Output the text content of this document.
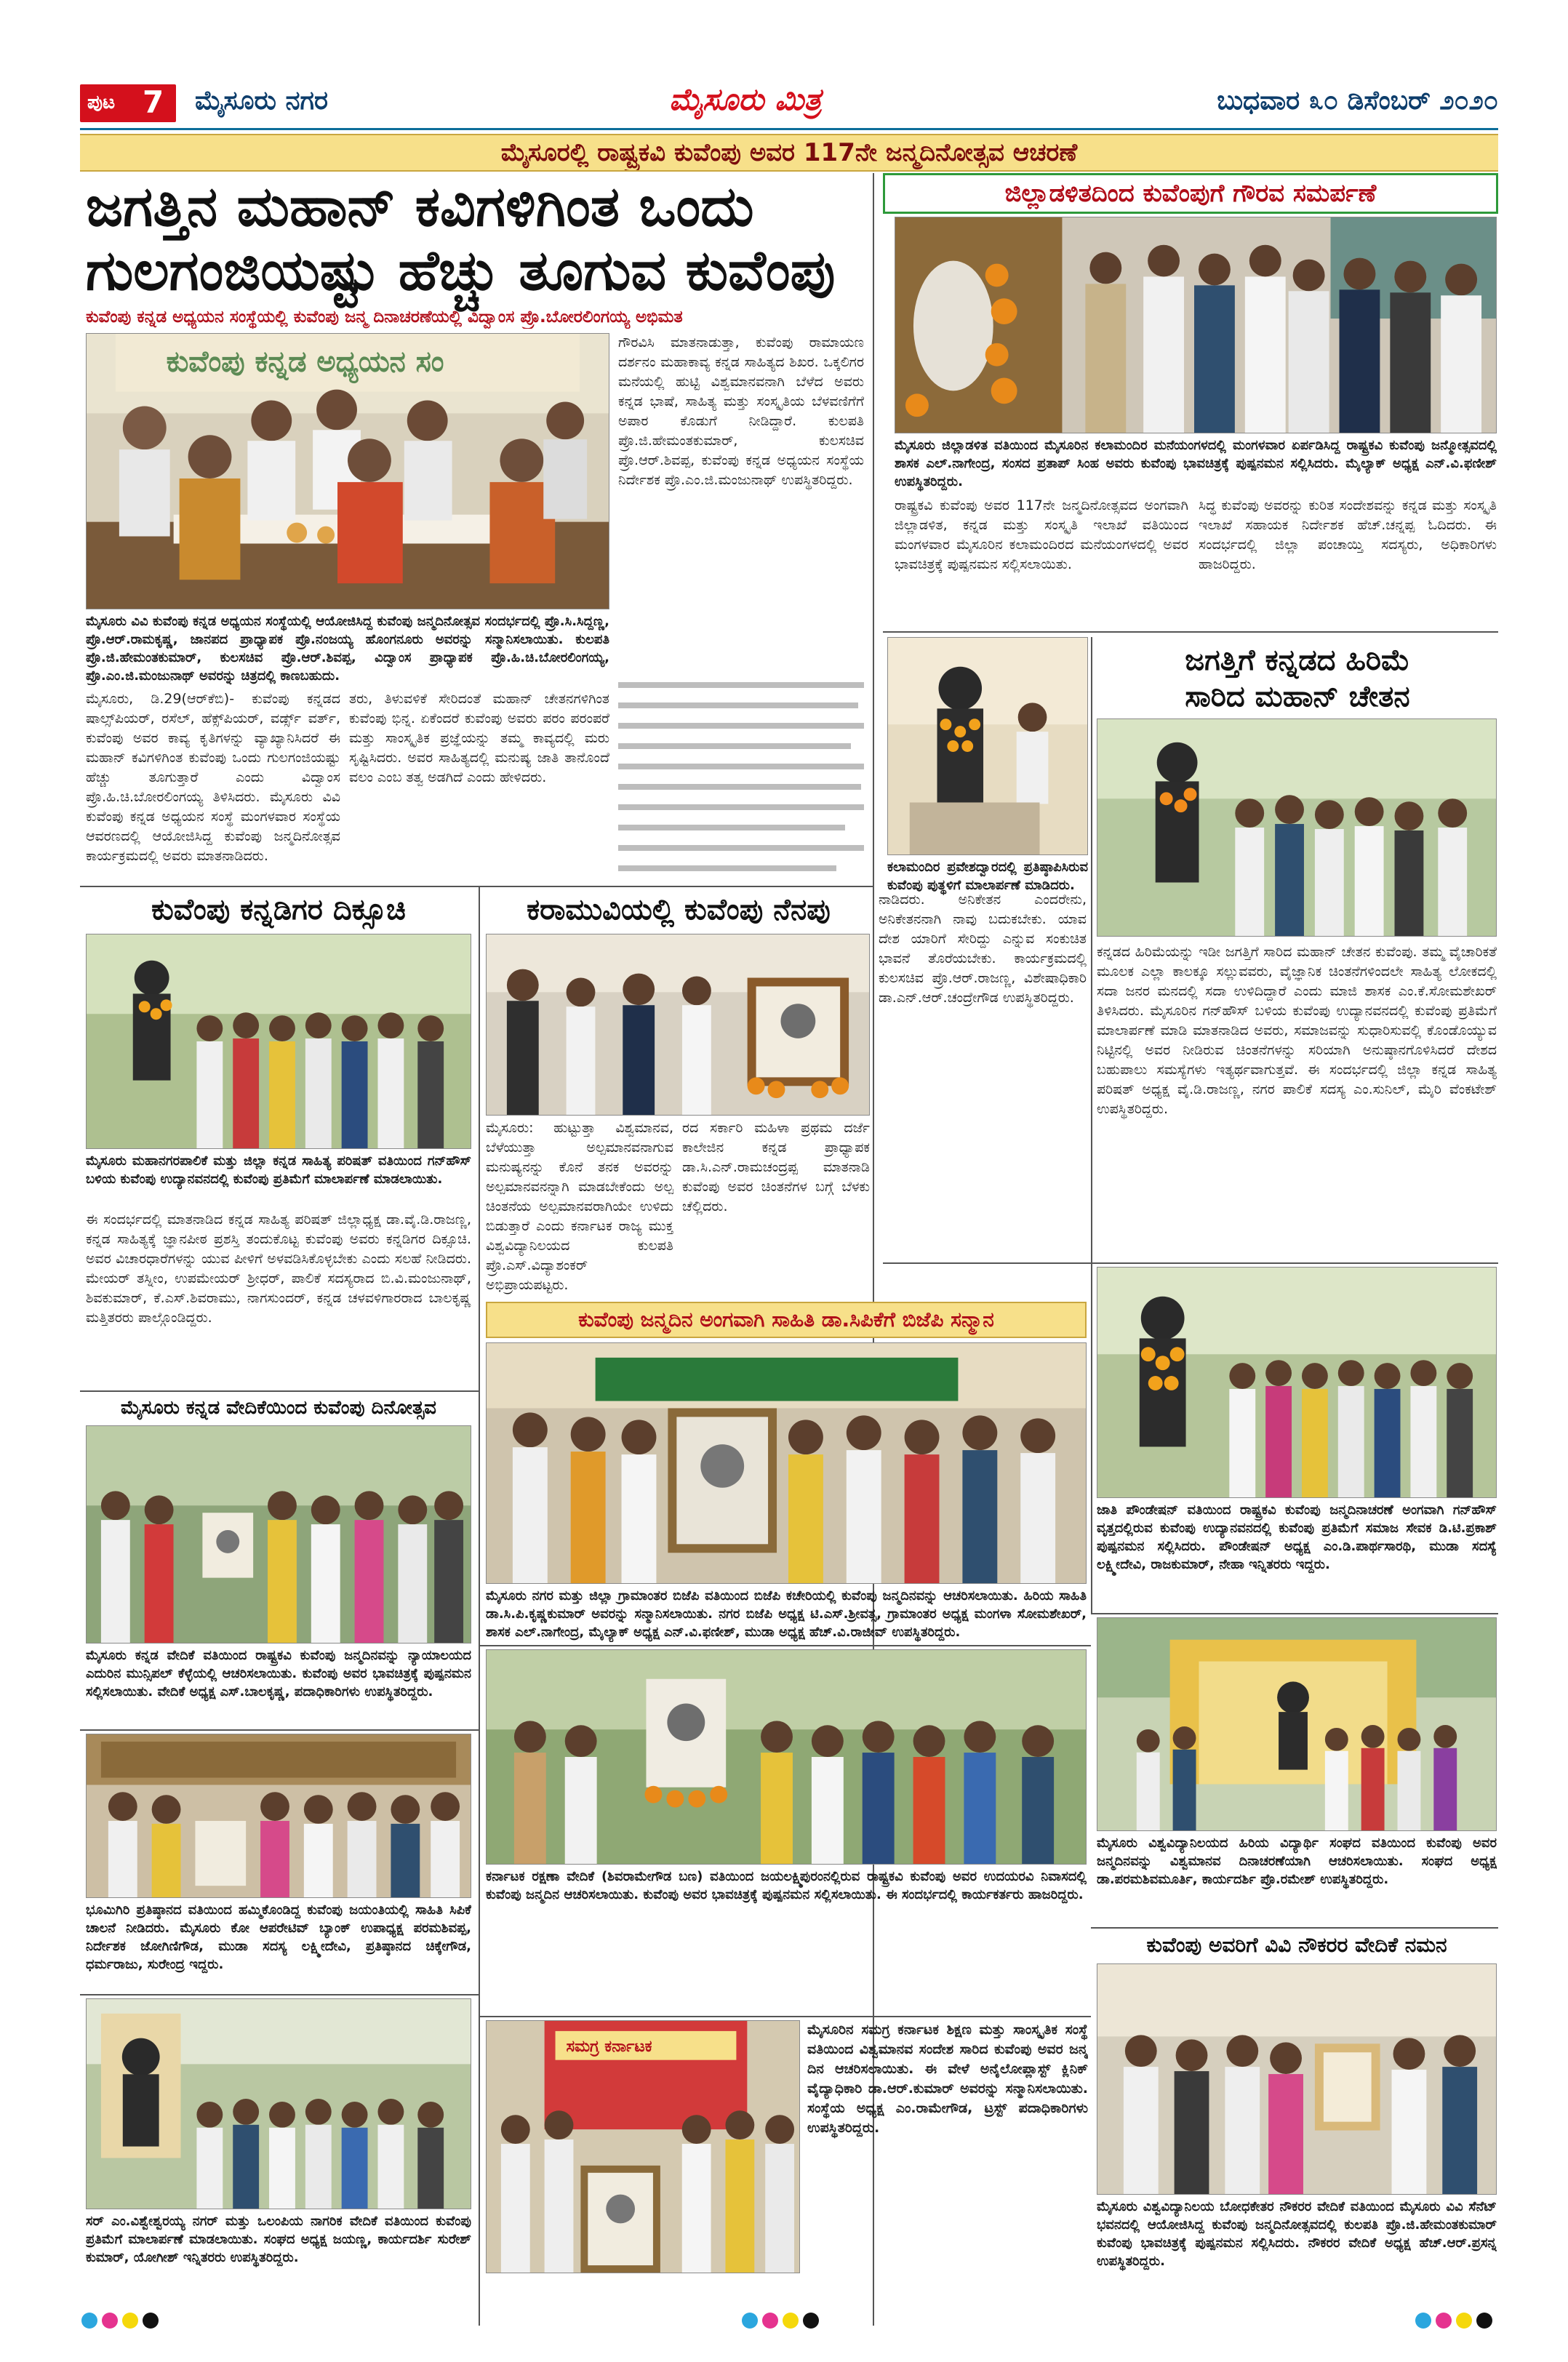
ಪುಟ 7 ಮೈಸೂರು ನಗರ	ಮೈಸೂರು ಮಿತ್ರ	ಬುಧವಾರ ೩೦ ಡಿಸೆಂಬರ್ ೨೦೨೦
ಮೈಸೂರಲ್ಲಿ ರಾಷ್ಟ್ರಕವಿ ಕುವೆಂಪು ಅವರ 117ನೇ ಜನ್ಮದಿನೋತ್ಸವ ಆಚರಣೆ
ಜಗತ್ತಿನ ಮಹಾನ್ ಕವಿಗಳಿಗಿಂತ ಒಂದು
ಗುಲಗಂಜಿಯಷ್ಟು ಹೆಚ್ಚು ತೂಗುವ ಕುವೆಂಪು
ಕುವೆಂಪು ಕನ್ನಡ ಅಧ್ಯಯನ ಸಂಸ್ಥೆಯಲ್ಲಿ ಕುವೆಂಪು ಜನ್ಮ ದಿನಾಚರಣೆಯಲ್ಲಿ ವಿದ್ವಾಂಸ ಪ್ರೊ.ಬೋರಲಿಂಗಯ್ಯ ಅಭಿಮತ
ಕುವೆಂಪು ಕನ್ನಡ ಅಧ್ಯಯನ ಸಂ
ಗೌರವಿಸಿ ಮಾತನಾಡುತ್ತಾ, ಕುವೆಂಪು ರಾಮಾಯಣ ದರ್ಶನಂ ಮಹಾಕಾವ್ಯ ಕನ್ನಡ ಸಾಹಿತ್ಯದ ಶಿಖರ. ಒಕ್ಕಲಿಗರ ಮನೆಯಲ್ಲಿ ಹುಟ್ಟಿ ವಿಶ್ವಮಾನವನಾಗಿ ಬೆಳೆದ ಅವರು ಕನ್ನಡ ಭಾಷೆ, ಸಾಹಿತ್ಯ ಮತ್ತು ಸಂಸ್ಕೃತಿಯ ಬೆಳವಣಿಗೆಗೆ ಅಪಾರ ಕೊಡುಗೆ ನೀಡಿದ್ದಾರೆ. ಕುಲಪತಿ ಪ್ರೊ.ಜಿ.ಹೇಮಂತಕುಮಾರ್, ಕುಲಸಚಿವ ಪ್ರೊ.ಆರ್.ಶಿವಪ್ಪ, ಕುವೆಂಪು ಕನ್ನಡ ಅಧ್ಯಯನ ಸಂಸ್ಥೆಯ ನಿರ್ದೇಶಕ ಪ್ರೊ.ಎಂ.ಜಿ.ಮಂಜುನಾಥ್ ಉಪಸ್ಥಿತರಿದ್ದರು.
ಮೈಸೂರು ವಿವಿ ಕುವೆಂಪು ಕನ್ನಡ ಅಧ್ಯಯನ ಸಂಸ್ಥೆಯಲ್ಲಿ ಆಯೋಜಿಸಿದ್ದ ಕುವೆಂಪು ಜನ್ಮದಿನೋತ್ಸವ ಸಂದರ್ಭದಲ್ಲಿ ಪ್ರೊ.ಸಿ.ಸಿದ್ದಣ್ಣ, ಪ್ರೊ.ಆರ್.ರಾಮಕೃಷ್ಣ, ಜಾನಪದ ಪ್ರಾಧ್ಯಾಪಕ ಪ್ರೊ.ನಂಜಯ್ಯ ಹೊಂಗನೂರು ಅವರನ್ನು ಸನ್ಮಾನಿಸಲಾಯಿತು. ಕುಲಪತಿ ಪ್ರೊ.ಜಿ.ಹೇಮಂತಕುಮಾರ್, ಕುಲಸಚಿವ ಪ್ರೊ.ಆರ್.ಶಿವಪ್ಪ, ವಿದ್ವಾಂಸ ಪ್ರಾಧ್ಯಾಪಕ ಪ್ರೊ.ಹಿ.ಚಿ.ಬೋರಲಿಂಗಯ್ಯ, ಪ್ರೊ.ಎಂ.ಜಿ.ಮಂಜುನಾಥ್ ಅವರನ್ನು ಚಿತ್ರದಲ್ಲಿ ಕಾಣಬಹುದು.
ಮೈಸೂರು, ಡಿ.29(ಆರ್‌ಕೆಬಿ)- ಕುವೆಂಪು ಕನ್ನಡದ ಷಾಲ್ಸ್‌ಪಿಯರ್, ರಸೆಲ್, ಹೆಕ್ಸ್‌ಪಿಯರ್, ವರ್ಡ್ಸ್ ವರ್ತ್, ಕುವೆಂಪು ಅವರ ಕಾವ್ಯ ಕೃತಿಗಳನ್ನು ವ್ಯಾಖ್ಯಾನಿಸಿದರೆ ಈ ಮಹಾನ್ ಕವಿಗಳಿಗಿಂತ ಕುವೆಂಪು ಒಂದು ಗುಲಗಂಜಿಯಷ್ಟು ಹೆಚ್ಚು ತೂಗುತ್ತಾರೆ ಎಂದು ವಿದ್ವಾಂಸ ಪ್ರೊ.ಹಿ.ಚಿ.ಬೋರಲಿಂಗಯ್ಯ ತಿಳಿಸಿದರು. ಮೈಸೂರು ವಿವಿ ಕುವೆಂಪು ಕನ್ನಡ ಅಧ್ಯಯನ ಸಂಸ್ಥೆ ಮಂಗಳವಾರ ಸಂಸ್ಥೆಯ ಆವರಣದಲ್ಲಿ ಆಯೋಜಿಸಿದ್ದ ಕುವೆಂಪು ಜನ್ಮದಿನೋತ್ಸವ ಕಾರ್ಯಕ್ರಮದಲ್ಲಿ ಅವರು ಮಾತನಾಡಿದರು.
ತರು, ತಿಳುವಳಿಕೆ ಸೇರಿದಂತೆ ಮಹಾನ್ ಚೇತನಗಳಿಗಿಂತ ಕುವೆಂಪು ಭಿನ್ನ. ಏಕೆಂದರೆ ಕುವೆಂಪು ಅವರು ಪರಂ ಪರಂಪರೆ ಮತ್ತು ಸಾಂಸ್ಕೃತಿಕ ಪ್ರಜ್ಞೆಯನ್ನು ತಮ್ಮ ಕಾವ್ಯದಲ್ಲಿ ಮರು ಸೃಷ್ಟಿಸಿದರು. ಅವರ ಸಾಹಿತ್ಯದಲ್ಲಿ ಮನುಷ್ಯ ಜಾತಿ ತಾನೊಂದೆ ವಲಂ ಎಂಬ ತತ್ವ ಅಡಗಿದೆ ಎಂದು ಹೇಳಿದರು.
ಜಿಲ್ಲಾಡಳಿತದಿಂದ ಕುವೆಂಪುಗೆ ಗೌರವ ಸಮರ್ಪಣೆ
ಮೈಸೂರು ಜಿಲ್ಲಾಡಳಿತ ವತಿಯಿಂದ ಮೈಸೂರಿನ ಕಲಾಮಂದಿರ ಮನೆಯಂಗಳದಲ್ಲಿ ಮಂಗಳವಾರ ಏರ್ಪಡಿಸಿದ್ದ ರಾಷ್ಟ್ರಕವಿ ಕುವೆಂಪು ಜನ್ಮೋತ್ಸವದಲ್ಲಿ ಶಾಸಕ ಎಲ್.ನಾಗೇಂದ್ರ, ಸಂಸದ ಪ್ರತಾಪ್ ಸಿಂಹ ಅವರು ಕುವೆಂಪು ಭಾವಚಿತ್ರಕ್ಕೆ ಪುಷ್ಪನಮನ ಸಲ್ಲಿಸಿದರು. ಮೈಲ್ಯಾಕ್ ಅಧ್ಯಕ್ಷ ಎನ್.ವಿ.ಫಣೀಶ್ ಉಪಸ್ಥಿತರಿದ್ದರು.
ರಾಷ್ಟ್ರಕವಿ ಕುವೆಂಪು ಅವರ 117ನೇ ಜನ್ಮದಿನೋತ್ಸವದ ಅಂಗವಾಗಿ ಜಿಲ್ಲಾಡಳಿತ, ಕನ್ನಡ ಮತ್ತು ಸಂಸ್ಕೃತಿ ಇಲಾಖೆ ವತಿಯಿಂದ ಮಂಗಳವಾರ ಮೈಸೂರಿನ ಕಲಾಮಂದಿರದ ಮನೆಯಂಗಳದಲ್ಲಿ ಅವರ ಭಾವಚಿತ್ರಕ್ಕೆ ಪುಷ್ಪನಮನ ಸಲ್ಲಿಸಲಾಯಿತು.
ಸಿದ್ಧ ಕುವೆಂಪು ಅವರನ್ನು ಕುರಿತ ಸಂದೇಶವನ್ನು ಕನ್ನಡ ಮತ್ತು ಸಂಸ್ಕೃತಿ ಇಲಾಖೆ ಸಹಾಯಕ ನಿರ್ದೇಶಕ ಹೆಚ್.ಚನ್ನಪ್ಪ ಓದಿದರು. ಈ ಸಂದರ್ಭದಲ್ಲಿ ಜಿಲ್ಲಾ ಪಂಚಾಯ್ತಿ ಸದಸ್ಯರು, ಅಧಿಕಾರಿಗಳು ಹಾಜರಿದ್ದರು.
ಕಲಾಮಂದಿರ ಪ್ರವೇಶದ್ವಾರದಲ್ಲಿ ಪ್ರತಿಷ್ಠಾಪಿಸಿರುವ ಕುವೆಂಪು ಪುತ್ಥಳಿಗೆ ಮಾಲಾರ್ಪಣೆ ಮಾಡಿದರು.
ಜಗತ್ತಿಗೆ ಕನ್ನಡದ ಹಿರಿಮೆ
ಸಾರಿದ ಮಹಾನ್ ಚೇತನ
ಕನ್ನಡದ ಹಿರಿಮೆಯನ್ನು ಇಡೀ ಜಗತ್ತಿಗೆ ಸಾರಿದ ಮಹಾನ್ ಚೇತನ ಕುವೆಂಪು. ತಮ್ಮ ವೈಚಾರಿಕತೆ ಮೂಲಕ ಎಲ್ಲಾ ಕಾಲಕ್ಕೂ ಸಲ್ಲುವವರು, ವೈಜ್ಞಾನಿಕ ಚಿಂತನೆಗಳಿಂದಲೇ ಸಾಹಿತ್ಯ ಲೋಕದಲ್ಲಿ ಸದಾ ಜನರ ಮನದಲ್ಲಿ ಸದಾ ಉಳಿದಿದ್ದಾರೆ ಎಂದು ಮಾಜಿ ಶಾಸಕ ಎಂ.ಕೆ.ಸೋಮಶೇಖರ್ ತಿಳಿಸಿದರು. ಮೈಸೂರಿನ ಗನ್‌ಹೌಸ್ ಬಳಿಯ ಕುವೆಂಪು ಉದ್ಯಾನವನದಲ್ಲಿ ಕುವೆಂಪು ಪ್ರತಿಮೆಗೆ ಮಾಲಾರ್ಪಣೆ ಮಾಡಿ ಮಾತನಾಡಿದ ಅವರು, ಸಮಾಜವನ್ನು ಸುಧಾರಿಸುವಲ್ಲಿ ಕೊಂಡೊಯ್ಯುವ ನಿಟ್ಟಿನಲ್ಲಿ ಅವರ ನೀಡಿರುವ ಚಿಂತನೆಗಳನ್ನು ಸರಿಯಾಗಿ ಅನುಷ್ಠಾನಗೊಳಿಸಿದರೆ ದೇಶದ ಬಹುಪಾಲು ಸಮಸ್ಯೆಗಳು ಇತ್ಯರ್ಥವಾಗುತ್ತವೆ. ಈ ಸಂದರ್ಭದಲ್ಲಿ ಜಿಲ್ಲಾ ಕನ್ನಡ ಸಾಹಿತ್ಯ ಪರಿಷತ್ ಅಧ್ಯಕ್ಷ ವೈ.ಡಿ.ರಾಜಣ್ಣ, ನಗರ ಪಾಲಿಕೆ ಸದಸ್ಯ ಎಂ.ಸುನಿಲ್, ಮೈರಿ ವೆಂಕಟೇಶ್ ಉಪಸ್ಥಿತರಿದ್ದರು.
ಜಾತಿ ಪೌಂಡೇಷನ್ ವತಿಯಿಂದ ರಾಷ್ಟ್ರಕವಿ ಕುವೆಂಪು ಜನ್ಮದಿನಾಚರಣೆ ಅಂಗವಾಗಿ ಗನ್‌ಹೌಸ್ ವೃತ್ತದಲ್ಲಿರುವ ಕುವೆಂಪು ಉದ್ಯಾನವನದಲ್ಲಿ ಕುವೆಂಪು ಪ್ರತಿಮೆಗೆ ಸಮಾಜ ಸೇವಕ ಡಿ.ಟಿ.ಪ್ರಕಾಶ್ ಪುಷ್ಪನಮನ ಸಲ್ಲಿಸಿದರು. ಪೌಂಡೇಷನ್ ಅಧ್ಯಕ್ಷ ಎಂ.ಡಿ.ಪಾರ್ಥಸಾರಥಿ, ಮುಡಾ ಸದಸ್ಯೆ ಲಕ್ಷ್ಮೀದೇವಿ, ರಾಜಕುಮಾರ್, ನೇಹಾ ಇನ್ನಿತರರು ಇದ್ದರು.
ಮೈಸೂರು ವಿಶ್ವವಿದ್ಯಾನಿಲಯದ ಹಿರಿಯ ವಿದ್ಯಾರ್ಥಿ ಸಂಘದ ವತಿಯಿಂದ ಕುವೆಂಪು ಅವರ ಜನ್ಮದಿನವನ್ನು ವಿಶ್ವಮಾನವ ದಿನಾಚರಣೆಯಾಗಿ ಆಚರಿಸಲಾಯಿತು. ಸಂಘದ ಅಧ್ಯಕ್ಷ ಡಾ.ಪರಮಶಿವಮೂರ್ತಿ, ಕಾರ್ಯದರ್ಶಿ ಪ್ರೊ.ರಮೇಶ್ ಉಪಸ್ಥಿತರಿದ್ದರು.
ಕುವೆಂಪು ಅವರಿಗೆ ವಿವಿ ನೌಕರರ ವೇದಿಕೆ ನಮನ
ಮೈಸೂರು ವಿಶ್ವವಿದ್ಯಾನಿಲಯ ಬೋಧಕೇತರ ನೌಕರರ ವೇದಿಕೆ ವತಿಯಿಂದ ಮೈಸೂರು ವಿವಿ ಸೆನೆಟ್ ಭವನದಲ್ಲಿ ಆಯೋಜಿಸಿದ್ದ ಕುವೆಂಪು ಜನ್ಮದಿನೋತ್ಸವದಲ್ಲಿ ಕುಲಪತಿ ಪ್ರೊ.ಜಿ.ಹೇಮಂತಕುಮಾರ್ ಕುವೆಂಪು ಭಾವಚಿತ್ರಕ್ಕೆ ಪುಷ್ಪನಮನ ಸಲ್ಲಿಸಿದರು. ನೌಕರರ ವೇದಿಕೆ ಅಧ್ಯಕ್ಷ ಹೆಚ್.ಆರ್.ಪ್ರಸನ್ನ ಉಪಸ್ಥಿತರಿದ್ದರು.
ಕುವೆಂಪು ಕನ್ನಡಿಗರ ದಿಕ್ಸೂಚಿ
ಮೈಸೂರು ಮಹಾನಗರಪಾಲಿಕೆ ಮತ್ತು ಜಿಲ್ಲಾ ಕನ್ನಡ ಸಾಹಿತ್ಯ ಪರಿಷತ್ ವತಿಯಿಂದ ಗನ್‌ಹೌಸ್ ಬಳಿಯ ಕುವೆಂಪು ಉದ್ಯಾನವನದಲ್ಲಿ ಕುವೆಂಪು ಪ್ರತಿಮೆಗೆ ಮಾಲಾರ್ಪಣೆ ಮಾಡಲಾಯಿತು.
ಈ ಸಂದರ್ಭದಲ್ಲಿ ಮಾತನಾಡಿದ ಕನ್ನಡ ಸಾಹಿತ್ಯ ಪರಿಷತ್ ಜಿಲ್ಲಾಧ್ಯಕ್ಷ ಡಾ.ವೈ.ಡಿ.ರಾಜಣ್ಣ, ಕನ್ನಡ ಸಾಹಿತ್ಯಕ್ಕೆ ಜ್ಞಾನಪೀಠ ಪ್ರಶಸ್ತಿ ತಂದುಕೊಟ್ಟ ಕುವೆಂಪು ಅವರು ಕನ್ನಡಿಗರ ದಿಕ್ಸೂಚಿ. ಅವರ ವಿಚಾರಧಾರೆಗಳನ್ನು ಯುವ ಪೀಳಿಗೆ ಅಳವಡಿಸಿಕೊಳ್ಳಬೇಕು ಎಂದು ಸಲಹೆ ನೀಡಿದರು. ಮೇಯರ್ ತಸ್ನೀಂ, ಉಪಮೇಯರ್ ಶ್ರೀಧರ್, ಪಾಲಿಕೆ ಸದಸ್ಯರಾದ ಬಿ.ವಿ.ಮಂಜುನಾಥ್, ಶಿವಕುಮಾರ್, ಕೆ.ಎಸ್.ಶಿವರಾಮು, ನಾಗಸುಂದರ್, ಕನ್ನಡ ಚಳವಳಿಗಾರರಾದ ಬಾಲಕೃಷ್ಣ ಮತ್ತಿತರರು ಪಾಲ್ಗೊಂಡಿದ್ದರು.
ಕರಾಮುವಿಯಲ್ಲಿ ಕುವೆಂಪು ನೆನಪು
ಮೈಸೂರು: ಹುಟ್ಟುತ್ತಾ ವಿಶ್ವಮಾನವ, ಬೆಳೆಯುತ್ತಾ ಅಲ್ಪಮಾನವನಾಗುವ ಮನುಷ್ಯನನ್ನು ಕೊನೆ ತನಕ ಅವರನ್ನು ಅಲ್ಪಮಾನವನನ್ನಾಗಿ ಮಾಡಬೇಕೆಂದು ಅಲ್ಪ ಚಿಂತನೆಯ ಅಲ್ಪಮಾನವರಾಗಿಯೇ ಉಳಿದು ಬಿಡುತ್ತಾರೆ ಎಂದು ಕರ್ನಾಟಕ ರಾಜ್ಯ ಮುಕ್ತ ವಿಶ್ವವಿದ್ಯಾನಿಲಯದ ಕುಲಪತಿ ಪ್ರೊ.ಎಸ್.ವಿದ್ಯಾಶಂಕರ್ ಅಭಿಪ್ರಾಯಪಟ್ಟರು.
ರದ ಸರ್ಕಾರಿ ಮಹಿಳಾ ಪ್ರಥಮ ದರ್ಜೆ ಕಾಲೇಜಿನ ಕನ್ನಡ ಪ್ರಾಧ್ಯಾಪಕ ಡಾ.ಸಿ.ಎನ್.ರಾಮಚಂದ್ರಪ್ಪ ಮಾತನಾಡಿ ಕುವೆಂಪು ಅವರ ಚಿಂತನೆಗಳ ಬಗ್ಗೆ ಬೆಳಕು ಚೆಲ್ಲಿದರು.
ನಾಡಿದರು. ಅನಿಕೇತನ ಎಂದರೇನು, ಅನಿಕೇತನನಾಗಿ ನಾವು ಬದುಕಬೇಕು. ಯಾವ ದೇಶ ಯಾರಿಗೆ ಸೇರಿದ್ದು ಎನ್ನುವ ಸಂಕುಚಿತ ಭಾವನೆ ತೊರೆಯಬೇಕು. ಕಾರ್ಯಕ್ರಮದಲ್ಲಿ ಕುಲಸಚಿವ ಪ್ರೊ.ಆರ್.ರಾಜಣ್ಣ, ವಿಶೇಷಾಧಿಕಾರಿ ಡಾ.ಎನ್.ಆರ್.ಚಂದ್ರೇಗೌಡ ಉಪಸ್ಥಿತರಿದ್ದರು.
ಕುವೆಂಪು ಜನ್ಮದಿನ ಅಂಗವಾಗಿ ಸಾಹಿತಿ ಡಾ.ಸಿಪಿಕೆಗೆ ಬಿಜೆಪಿ ಸನ್ಮಾನ
ಮೈಸೂರು ನಗರ ಮತ್ತು ಜಿಲ್ಲಾ ಗ್ರಾಮಾಂತರ ಬಿಜೆಪಿ ವತಿಯಿಂದ ಬಿಜೆಪಿ ಕಚೇರಿಯಲ್ಲಿ ಕುವೆಂಪು ಜನ್ಮದಿನವನ್ನು ಆಚರಿಸಲಾಯಿತು. ಹಿರಿಯ ಸಾಹಿತಿ ಡಾ.ಸಿ.ಪಿ.ಕೃಷ್ಣಕುಮಾರ್ ಅವರನ್ನು ಸನ್ಮಾನಿಸಲಾಯಿತು. ನಗರ ಬಿಜೆಪಿ ಅಧ್ಯಕ್ಷ ಟಿ.ಎಸ್.ಶ್ರೀವತ್ಸ, ಗ್ರಾಮಾಂತರ ಅಧ್ಯಕ್ಷ ಮಂಗಳಾ ಸೋಮಶೇಖರ್, ಶಾಸಕ ಎಲ್.ನಾಗೇಂದ್ರ, ಮೈಲ್ಯಾಕ್ ಅಧ್ಯಕ್ಷ ಎನ್.ವಿ.ಫಣೀಶ್, ಮುಡಾ ಅಧ್ಯಕ್ಷ ಹೆಚ್.ವಿ.ರಾಜೀವ್ ಉಪಸ್ಥಿತರಿದ್ದರು.
ಕರ್ನಾಟಕ ರಕ್ಷಣಾ ವೇದಿಕೆ (ಶಿವರಾಮೇಗೌಡ ಬಣ) ವತಿಯಿಂದ ಜಯಲಕ್ಷ್ಮಿಪುರಂನಲ್ಲಿರುವ ರಾಷ್ಟ್ರಕವಿ ಕುವೆಂಪು ಅವರ ಉದಯರವಿ ನಿವಾಸದಲ್ಲಿ ಕುವೆಂಪು ಜನ್ಮದಿನ ಆಚರಿಸಲಾಯಿತು. ಕುವೆಂಪು ಅವರ ಭಾವಚಿತ್ರಕ್ಕೆ ಪುಷ್ಪನಮನ ಸಲ್ಲಿಸಲಾಯಿತು. ಈ ಸಂದರ್ಭದಲ್ಲಿ ಕಾರ್ಯಕರ್ತರು ಹಾಜರಿದ್ದರು.
ಸಮಗ್ರ ಕರ್ನಾಟಕ
ಮೈಸೂರಿನ ಸಮಗ್ರ ಕರ್ನಾಟಕ ಶಿಕ್ಷಣ ಮತ್ತು ಸಾಂಸ್ಕೃತಿಕ ಸಂಸ್ಥೆ ವತಿಯಿಂದ ವಿಶ್ವಮಾನವ ಸಂದೇಶ ಸಾರಿದ ಕುವೆಂಪು ಅವರ ಜನ್ಮ ದಿನ ಆಚರಿಸಲಾಯಿತು. ಈ ವೇಳೆ ಅನೈಲೋಪ್ಲಾಸ್ಟ್ ಕ್ಲಿನಿಕ್ ವೈದ್ಯಾಧಿಕಾರಿ ಡಾ.ಆರ್.ಕುಮಾರ್ ಅವರನ್ನು ಸನ್ಮಾನಿಸಲಾಯಿತು. ಸಂಸ್ಥೆಯ ಅಧ್ಯಕ್ಷ ಎಂ.ರಾಮೇಗೌಡ, ಟ್ರಸ್ಟ್ ಪದಾಧಿಕಾರಿಗಳು ಉಪಸ್ಥಿತರಿದ್ದರು.
ಮೈಸೂರು ಕನ್ನಡ ವೇದಿಕೆಯಿಂದ ಕುವೆಂಪು ದಿನೋತ್ಸವ
ಮೈಸೂರು ಕನ್ನಡ ವೇದಿಕೆ ವತಿಯಿಂದ ರಾಷ್ಟ್ರಕವಿ ಕುವೆಂಪು ಜನ್ಮದಿನವನ್ನು ನ್ಯಾಯಾಲಯದ ಎದುರಿನ ಮುನ್ಸಿಪಲ್ ಕೆಳ್ಳೆಯಲ್ಲಿ ಆಚರಿಸಲಾಯಿತು. ಕುವೆಂಪು ಅವರ ಭಾವಚಿತ್ರಕ್ಕೆ ಪುಷ್ಪನಮನ ಸಲ್ಲಿಸಲಾಯಿತು. ವೇದಿಕೆ ಅಧ್ಯಕ್ಷ ಎಸ್.ಬಾಲಕೃಷ್ಣ, ಪದಾಧಿಕಾರಿಗಳು ಉಪಸ್ಥಿತರಿದ್ದರು.
ಭೂಮಿಗಿರಿ ಪ್ರತಿಷ್ಠಾನದ ವತಿಯಿಂದ ಹಮ್ಮಿಕೊಂಡಿದ್ದ ಕುವೆಂಪು ಜಯಂತಿಯಲ್ಲಿ ಸಾಹಿತಿ ಸಿಪಿಕೆ ಚಾಲನೆ ನೀಡಿದರು. ಮೈಸೂರು ಕೋ ಆಪರೇಟಿವ್ ಬ್ಯಾಂಕ್ ಉಪಾಧ್ಯಕ್ಷ ಪರಮಶಿವಪ್ಪ, ನಿರ್ದೇಶಕ ಜೋಗಿಣಿಗೌಡ, ಮುಡಾ ಸದಸ್ಯ ಲಕ್ಷ್ಮೀದೇವಿ, ಪ್ರತಿಷ್ಠಾನದ ಚಿಕ್ಕೇಗೌಡ, ಧರ್ಮರಾಜು, ಸುರೇಂದ್ರ ಇದ್ದರು.
ಸರ್ ಎಂ.ವಿಶ್ವೇಶ್ವರಯ್ಯ ನಗರ್ ಮತ್ತು ಒಲಂಪಿಯ ನಾಗರಿಕ ವೇದಿಕೆ ವತಿಯಿಂದ ಕುವೆಂಪು ಪ್ರತಿಮೆಗೆ ಮಾಲಾರ್ಪಣೆ ಮಾಡಲಾಯಿತು. ಸಂಘದ ಅಧ್ಯಕ್ಷ ಜಯಣ್ಣ, ಕಾರ್ಯದರ್ಶಿ ಸುರೇಶ್ ಕುಮಾರ್, ಯೋಗೀಶ್ ಇನ್ನಿತರರು ಉಪಸ್ಥಿತರಿದ್ದರು.
